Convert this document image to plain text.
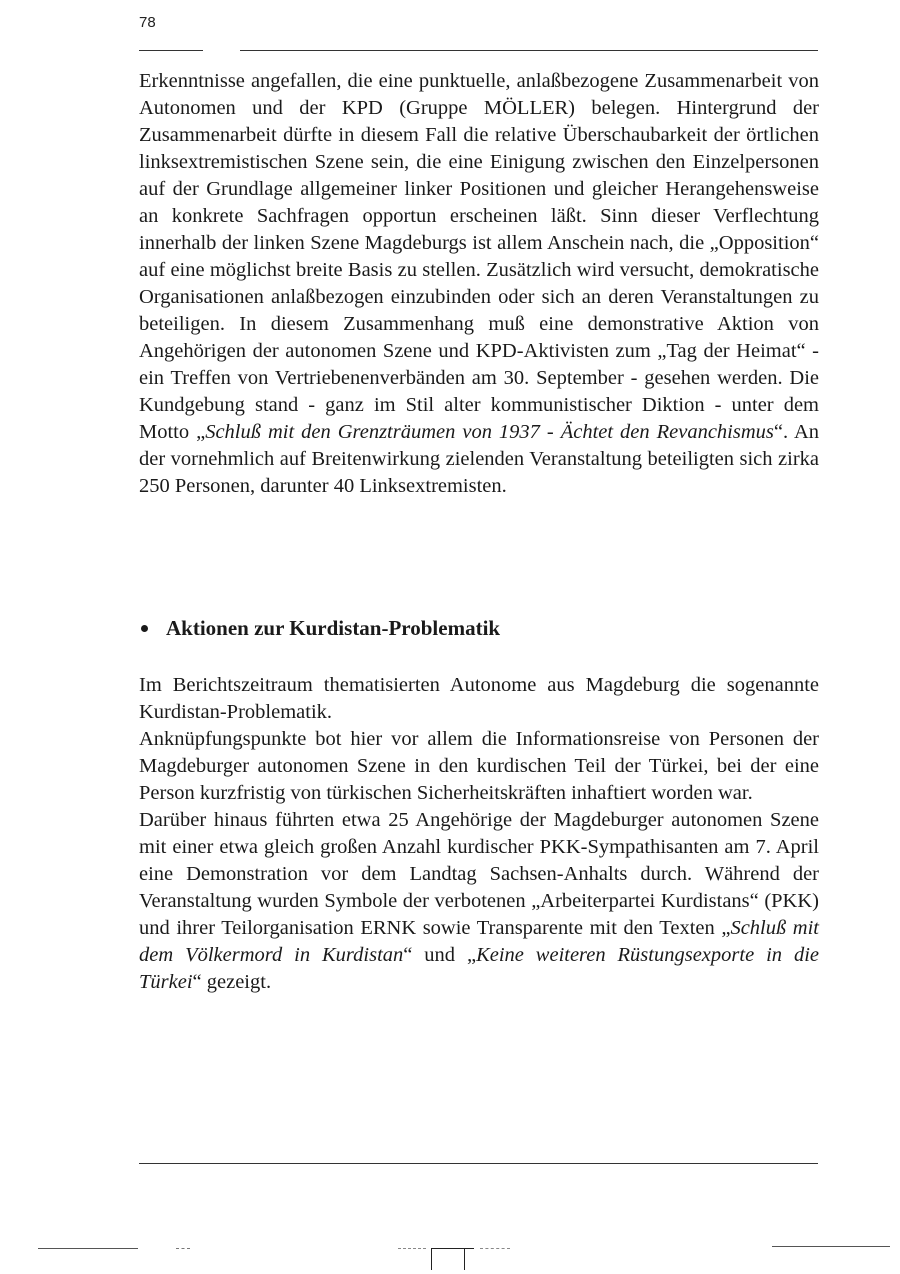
78

Erkenntnisse angefallen, die eine punktuelle, anlaßbezogene Zusammenarbeit von Autonomen und der KPD (Gruppe MÖLLER) belegen. Hintergrund der Zusammenarbeit dürfte in diesem Fall die relative Überschaubarkeit der örtlichen linksextremistischen Szene sein, die eine Einigung zwischen den Einzelpersonen auf der Grundlage allgemeiner linker Positionen und gleicher Herangehensweise an konkrete Sachfragen opportun erscheinen läßt. Sinn dieser Verflechtung innerhalb der linken Szene Magdeburgs ist allem Anschein nach, die „Opposition“ auf eine möglichst breite Basis zu stellen. Zusätzlich wird versucht, demokratische Organisationen anlaßbezogen einzubinden oder sich an deren Veranstaltungen zu beteiligen. In diesem Zusammenhang muß eine demonstrative Aktion von Angehörigen der autonomen Szene und KPD-Aktivisten zum „Tag der Heimat“ - ein Treffen von Vertriebenenverbänden am 30. September - gesehen werden. Die Kundgebung stand - ganz im Stil alter kommunistischer Diktion - unter dem Motto „Schluß mit den Grenzträumen von 1937 - Ächtet den Revanchismus“. An der vornehmlich auf Breitenwirkung zielenden Veranstaltung beteiligten sich zirka 250 Personen, darunter 40 Linksextremisten.

Aktionen zur Kurdistan-Problematik

Im Berichtszeitraum thematisierten Autonome aus Magdeburg die sogenannte Kurdistan-Problematik.

Anknüpfungspunkte bot hier vor allem die Informationsreise von Personen der Magdeburger autonomen Szene in den kurdischen Teil der Türkei, bei der eine Person kurzfristig von türkischen Sicherheitskräften inhaftiert worden war.

Darüber hinaus führten etwa 25 Angehörige der Magdeburger autonomen Szene mit einer etwa gleich großen Anzahl kurdischer PKK-Sympathisanten am 7. April eine Demonstration vor dem Landtag Sachsen-Anhalts durch. Während der Veranstaltung wurden Symbole der verbotenen „Arbeiterpartei Kurdistans“ (PKK) und ihrer Teilorganisation ERNK sowie Transparente mit den Texten „Schluß mit dem Völkermord in Kurdistan“ und „Keine weiteren Rüstungsexporte in die Türkei“ gezeigt.
